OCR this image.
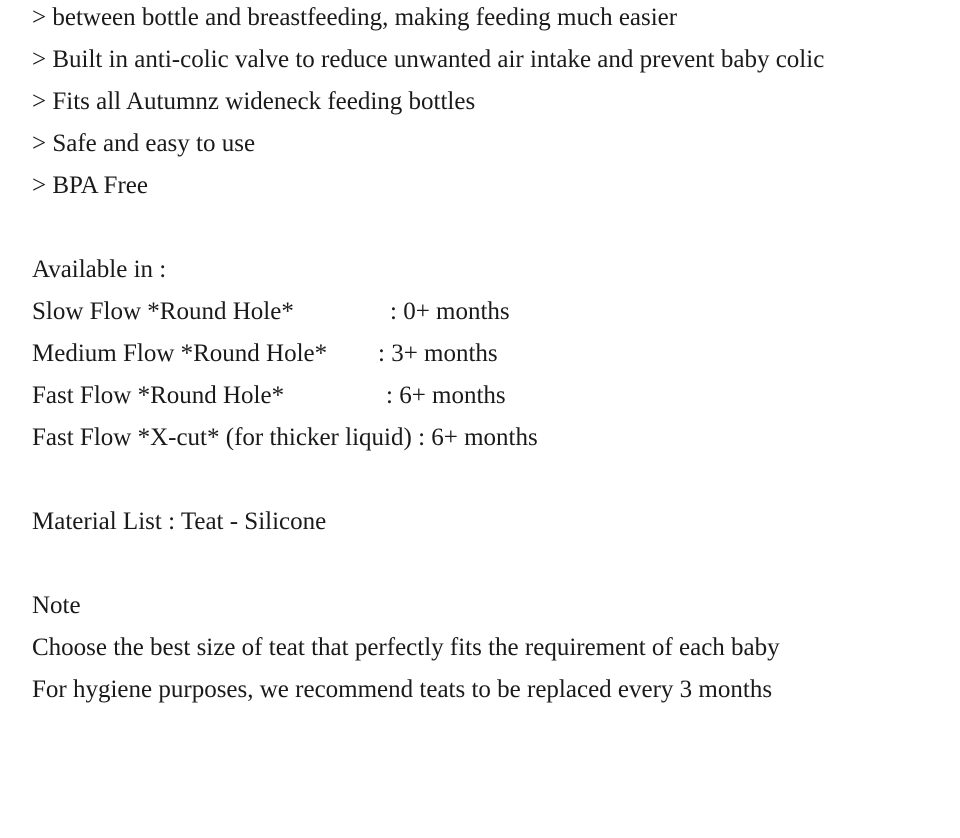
> between bottle and breastfeeding, making feeding much easier
> Built in anti-colic valve to reduce unwanted air intake and prevent baby colic
> Fits all Autumnz wideneck feeding bottles
> Safe and easy to use
> BPA Free
Available in :
Slow Flow *Round Hole*	: 0+ months
Medium Flow *Round Hole*	: 3+ months
Fast Flow *Round Hole*	: 6+ months
Fast Flow *X-cut* (for thicker liquid) : 6+ months
Material List : Teat - Silicone
Note
Choose the best size of teat that perfectly fits the requirement of each baby
For hygiene purposes, we recommend teats to be replaced every 3 months
